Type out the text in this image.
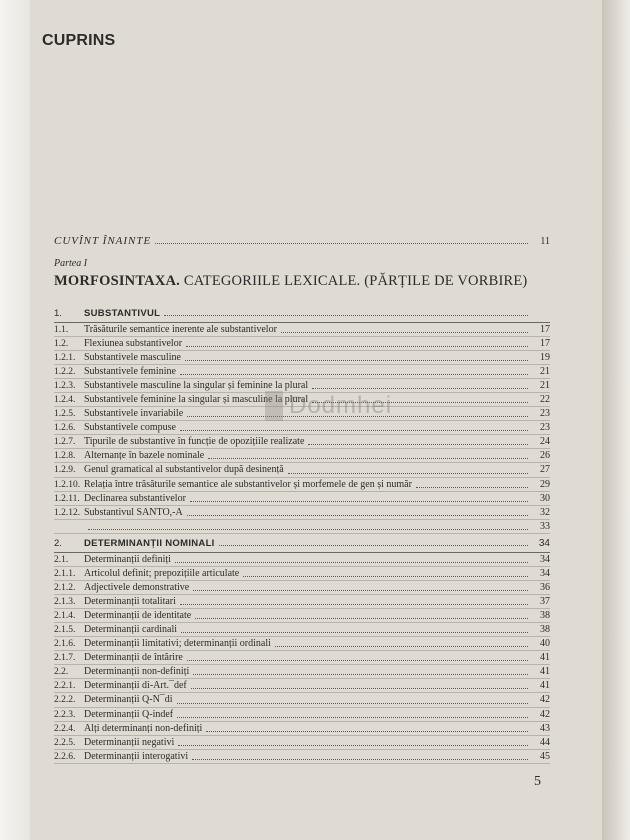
CUPRINS
CUVÎNT ÎNAINTE	11
Partea I
MORFOSINTAXA. CATEGORIILE LEXICALE. (PĂRȚILE DE VORBIRE)
1.	SUBSTANTIVUL
1.1.	Trăsăturile semantice inerente ale substantivelor	17
1.2.	Flexiunea substantivelor	17
1.2.1. Substantivele masculine	19
1.2.2. Substantivele feminine	21
1.2.3. Substantivele masculine la singular și feminine la plural	21
1.2.4. Substantivele feminine la singular și masculine la plural	22
1.2.5. Substantivele invariabile	23
1.2.6. Substantivele compuse	23
1.2.7. Tipurile de substantive în funcție de opozițiile realizate	24
1.2.8. Alternanțe în bazele nominale	26
1.2.9. Genul gramatical al substantivelor după desinență	27
1.2.10. Relația între trăsăturile semantice ale substantivelor și morfemele de gen și număr	29
1.2.11. Declinarea substantivelor	30
1.2.12. Substantivul SANTO,-A	32
33
2.	DETERMINANȚII NOMINALI	34
2.1.	Determinanții definiți	34
2.1.1. Articolul definit; prepozițiile articulate	34
2.1.2. Adjectivele demonstrative	36
2.1.3. Determinanții totalitari	37
2.1.4. Determinanții de identitate	38
2.1.5. Determinanții cardinali	38
2.1.6. Determinanții limitativi; determinanții ordinali	40
2.1.7. Determinanții de întărire	41
2.2.	Determinanții non-definiți	41
2.2.1. Determinanții di-Art.¯def	41
2.2.2. Determinanții Q-N¯di	42
2.2.3. Determinanții Q-indef	42
2.2.4. Alți determinanți non-definiți	43
2.2.5. Determinanții negativi	44
2.2.6. Determinanții interogativi	45
Dodmhei
5
